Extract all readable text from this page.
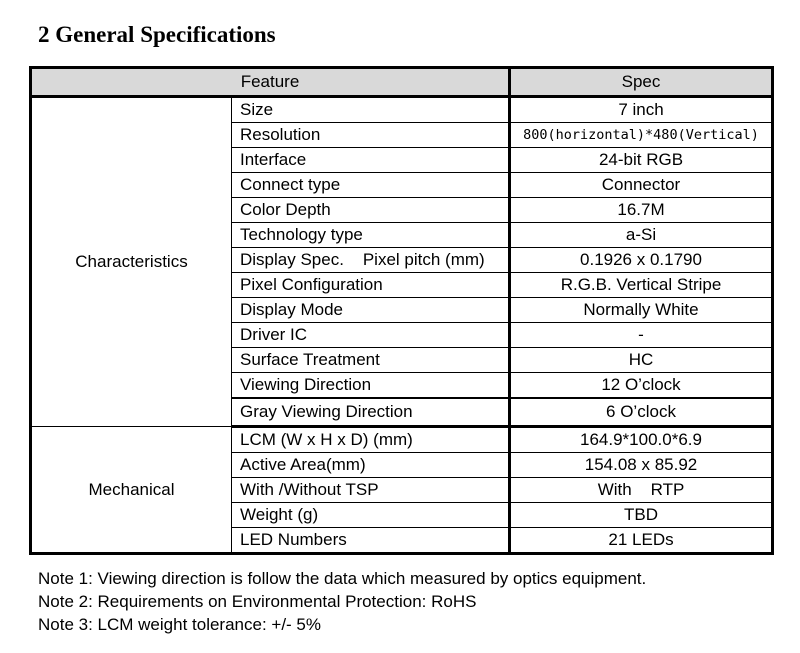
2 General Specifications
Feature		Spec
Characteristics	Size	7 inch
	Resolution	800(horizontal)*480(Vertical)
	Interface	24-bit RGB
	Connect type	Connector
	Color Depth	16.7M
	Technology type	a-Si
	Display Spec.    Pixel pitch (mm)	0.1926 x 0.1790
	Pixel Configuration	R.G.B. Vertical Stripe
	Display Mode	Normally White
	Driver IC	-
	Surface Treatment	HC
	Viewing Direction	12 O’clock
	Gray Viewing Direction	6 O’clock
Mechanical	LCM (W x H x D) (mm)	164.9*100.0*6.9
	Active Area(mm)	154.08 x 85.92
	With /Without TSP	With    RTP
	Weight (g)	TBD
	LED Numbers	21 LEDs
Note 1: Viewing direction is follow the data which measured by optics equipment.
Note 2: Requirements on Environmental Protection: RoHS
Note 3: LCM weight tolerance: +/- 5%
